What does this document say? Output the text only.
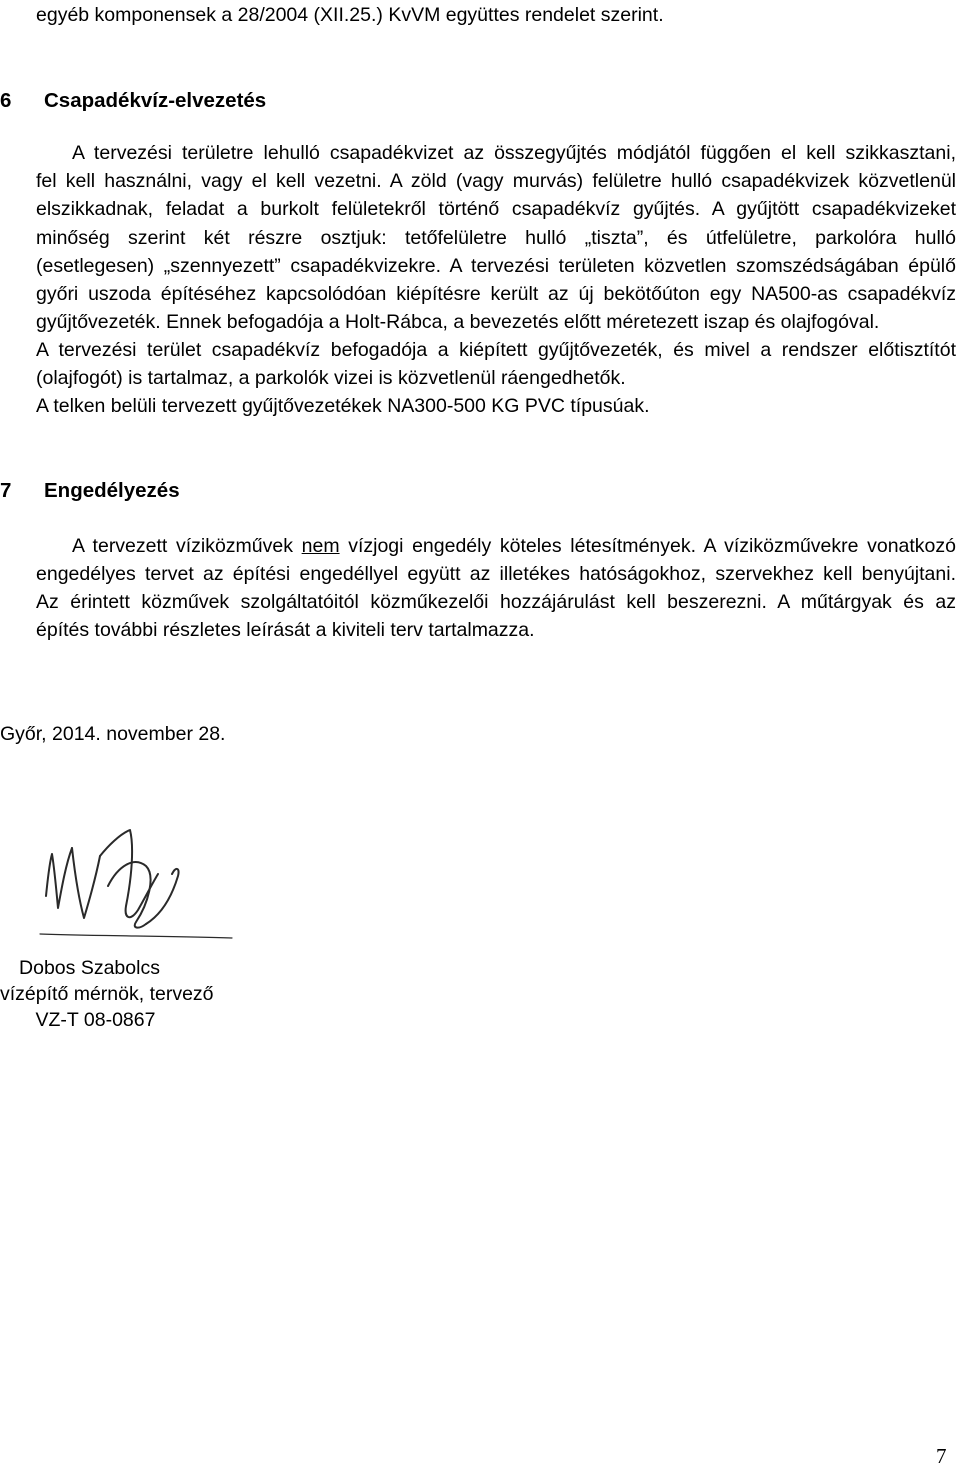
egyéb komponensek a 28/2004 (XII.25.) KvVM együttes rendelet szerint.
6 Csapadékvíz-elvezetés
A tervezési területre lehulló csapadékvizet az összegyűjtés módjától függően el kell szikkasztani,
fel kell használni, vagy el kell vezetni. A zöld (vagy murvás) felületre hulló csapadékvizek közvetlenül
elszikkadnak, feladat a burkolt felületekről történő csapadékvíz gyűjtés. A gyűjtött csapadékvizeket
minőség szerint két részre osztjuk: tetőfelületre hulló „tiszta”, és útfelületre, parkolóra hulló
(esetlegesen) „szennyezett” csapadékvizekre. A tervezési területen közvetlen szomszédságában épülő
győri uszoda építéséhez kapcsolódóan kiépítésre került az új bekötőúton egy NA500-as csapadékvíz
gyűjtővezeték. Ennek befogadója a Holt-Rábca, a bevezetés előtt méretezett iszap és olajfogóval.
A tervezési terület csapadékvíz befogadója a kiépített gyűjtővezeték, és mivel a rendszer előtisztítót
(olajfogót) is tartalmaz, a parkolók vizei is közvetlenül ráengedhetők.
A telken belüli tervezett gyűjtővezetékek NA300-500 KG PVC típusúak.
7 Engedélyezés
A tervezett víziközművek nem vízjogi engedély köteles létesítmények. A víziközművekre vonatkozó
engedélyes tervet az építési engedéllyel együtt az illetékes hatóságokhoz, szervekhez kell benyújtani.
Az érintett közművek szolgáltatóitól közműkezelői hozzájárulást kell beszerezni. A műtárgyak és az
építés további részletes leírását a kiviteli terv tartalmazza.
Győr, 2014. november 28.
Dobos Szabolcs
vízépítő mérnök, tervező
VZ-T 08-0867
7
